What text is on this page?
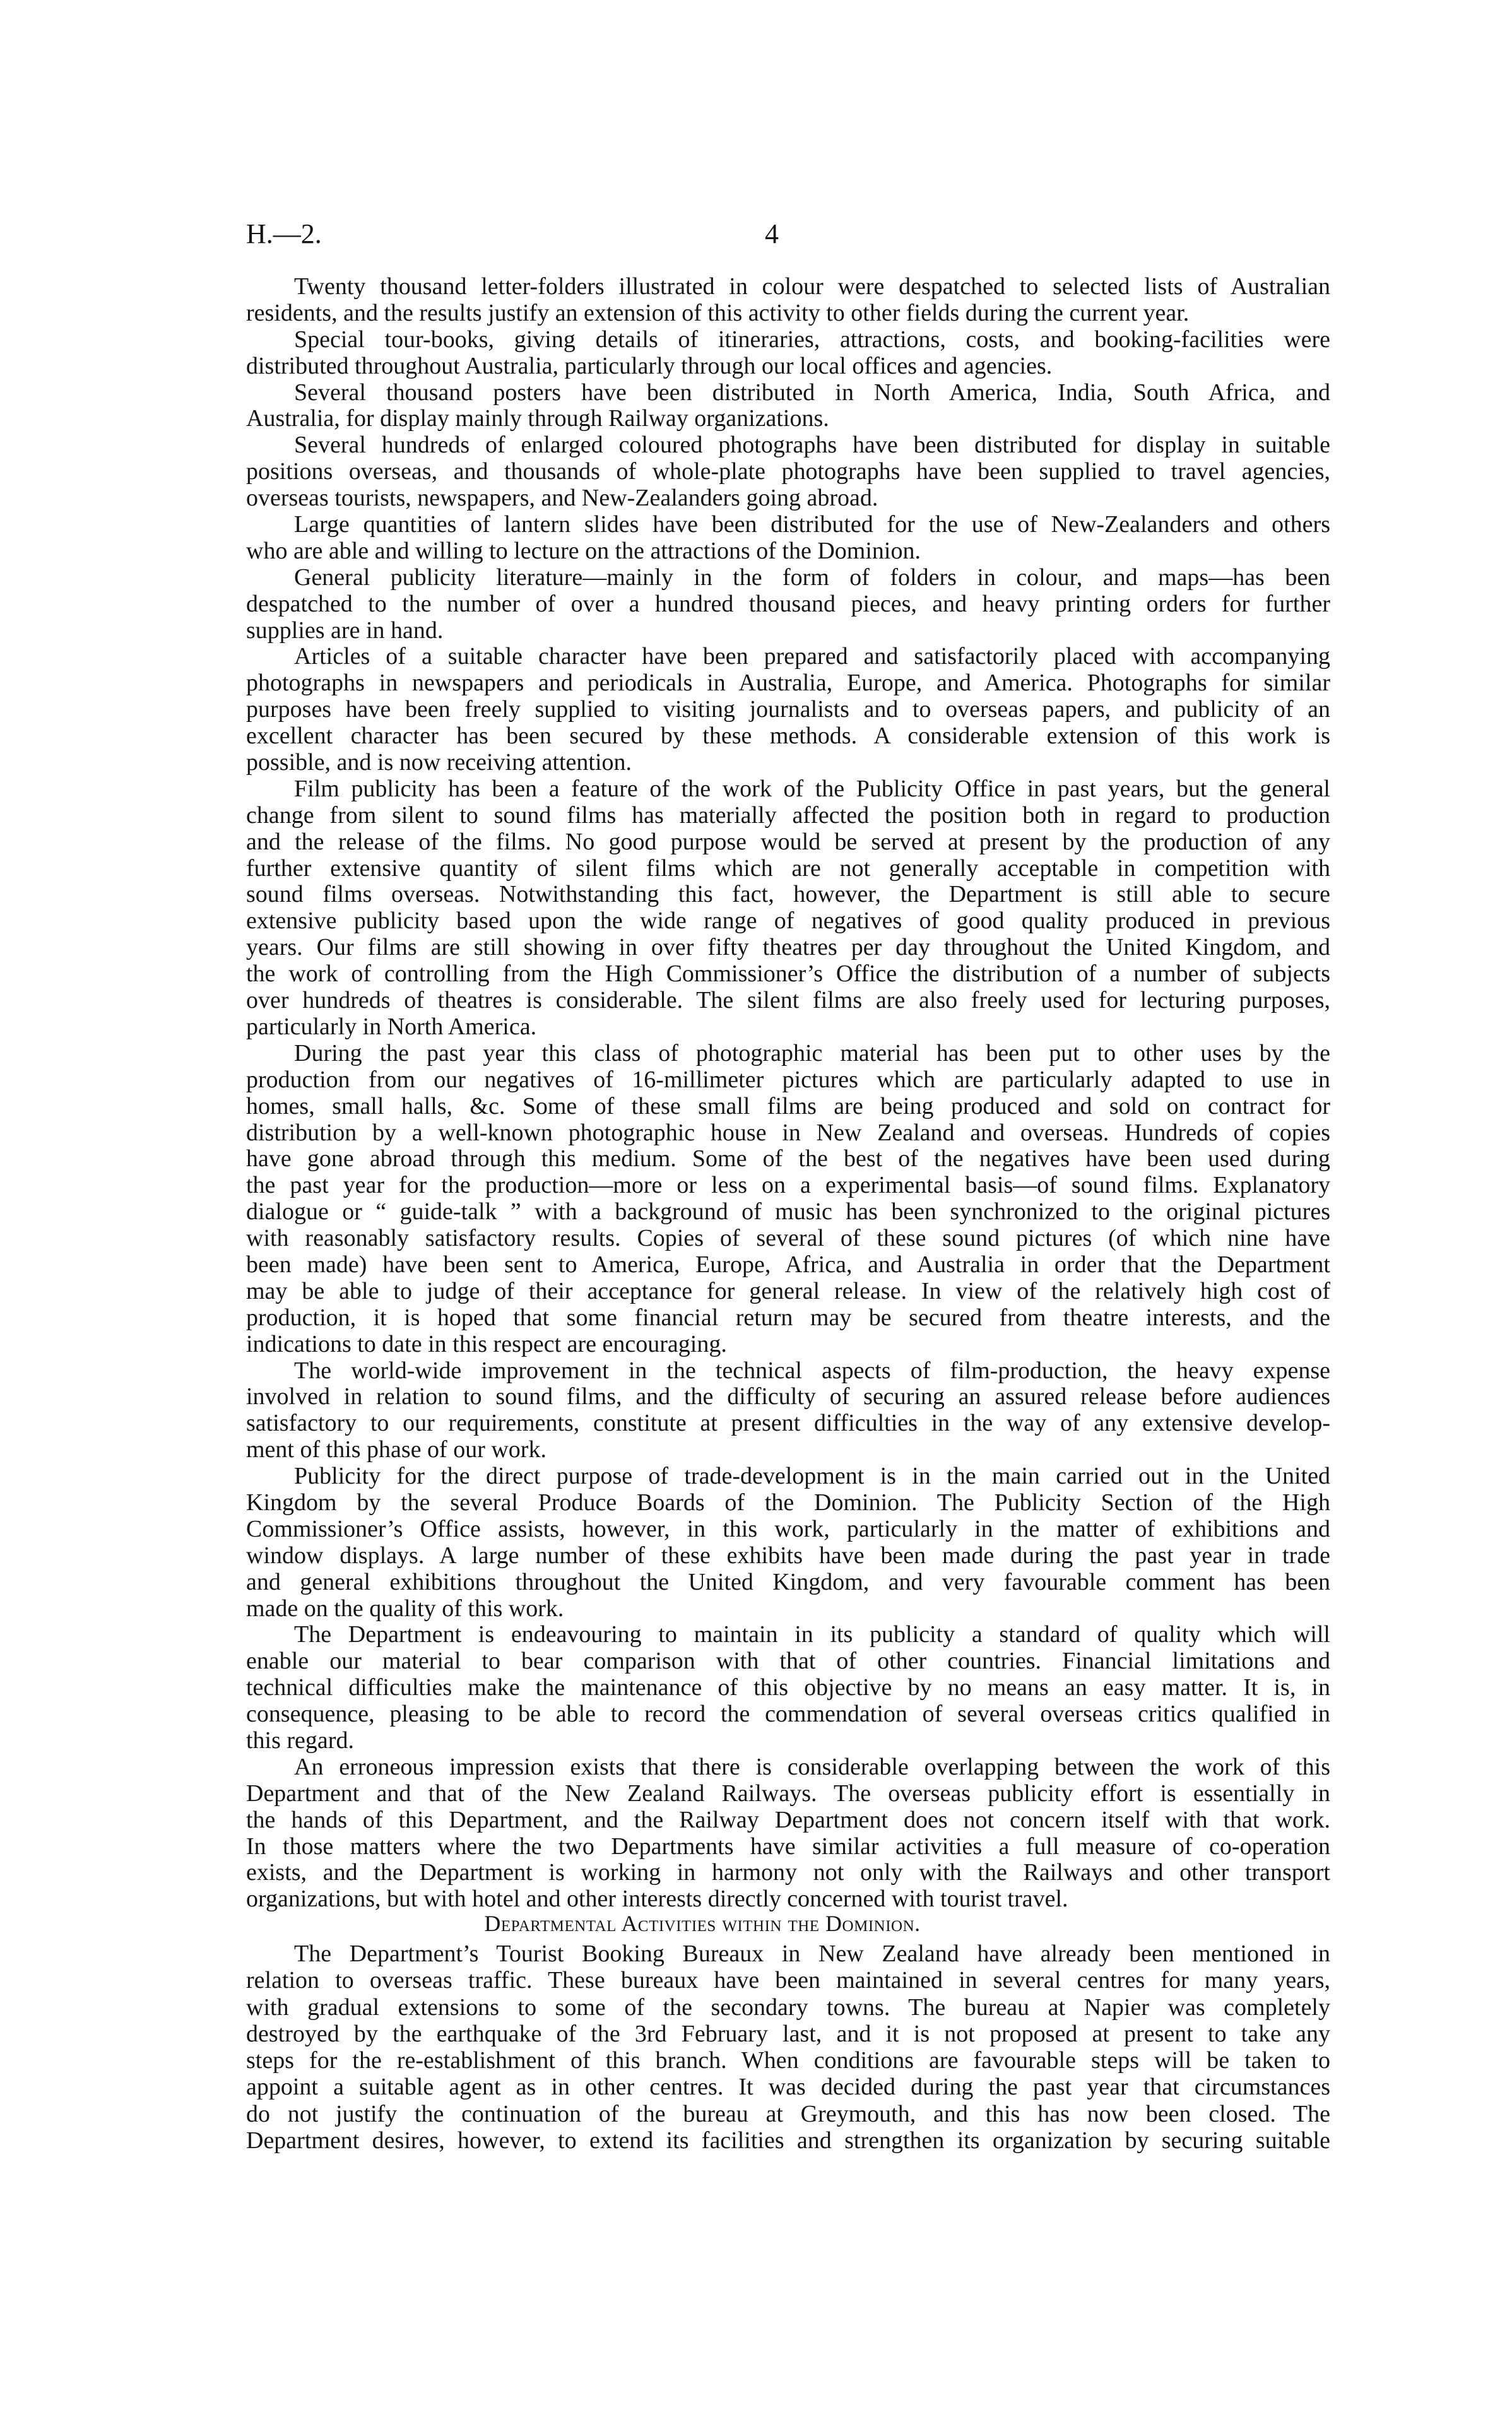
H.—2.	4
Twenty thousand letter-folders illustrated in colour were despatched to selected lists of Australian
residents, and the results justify an extension of this activity to other fields during the current year.
Special tour-books, giving details of itineraries, attractions, costs, and booking-facilities were
distributed throughout Australia, particularly through our local offices and agencies.
Several thousand posters have been distributed in North America, India, South Africa, and
Australia, for display mainly through Railway organizations.
Several hundreds of enlarged coloured photographs have been distributed for display in suitable
positions overseas, and thousands of whole-plate photographs have been supplied to travel agencies,
overseas tourists, newspapers, and New-Zealanders going abroad.
Large quantities of lantern slides have been distributed for the use of New-Zealanders and others
who are able and willing to lecture on the attractions of the Dominion.
General publicity literature—mainly in the form of folders in colour, and maps—has been
despatched to the number of over a hundred thousand pieces, and heavy printing orders for further
supplies are in hand.
Articles of a suitable character have been prepared and satisfactorily placed with accompanying
photographs in newspapers and periodicals in Australia, Europe, and America. Photographs for similar
purposes have been freely supplied to visiting journalists and to overseas papers, and publicity of an
excellent character has been secured by these methods. A considerable extension of this work is
possible, and is now receiving attention.
Film publicity has been a feature of the work of the Publicity Office in past years, but the general
change from silent to sound films has materially affected the position both in regard to production
and the release of the films. No good purpose would be served at present by the production of any
further extensive quantity of silent films which are not generally acceptable in competition with
sound films overseas. Notwithstanding this fact, however, the Department is still able to secure
extensive publicity based upon the wide range of negatives of good quality produced in previous
years. Our films are still showing in over fifty theatres per day throughout the United Kingdom, and
the work of controlling from the High Commissioner’s Office the distribution of a number of subjects
over hundreds of theatres is considerable. The silent films are also freely used for lecturing purposes,
particularly in North America.
During the past year this class of photographic material has been put to other uses by the
production from our negatives of 16-millimeter pictures which are particularly adapted to use in
homes, small halls, &c. Some of these small films are being produced and sold on contract for
distribution by a well-known photographic house in New Zealand and overseas. Hundreds of copies
have gone abroad through this medium. Some of the best of the negatives have been used during
the past year for the production—more or less on a experimental basis—of sound films. Explanatory
dialogue or “ guide-talk ” with a background of music has been synchronized to the original pictures
with reasonably satisfactory results. Copies of several of these sound pictures (of which nine have
been made) have been sent to America, Europe, Africa, and Australia in order that the Department
may be able to judge of their acceptance for general release. In view of the relatively high cost of
production, it is hoped that some financial return may be secured from theatre interests, and the
indications to date in this respect are encouraging.
The world-wide improvement in the technical aspects of film-production, the heavy expense
involved in relation to sound films, and the difficulty of securing an assured release before audiences
satisfactory to our requirements, constitute at present difficulties in the way of any extensive develop-
ment of this phase of our work.
Publicity for the direct purpose of trade-development is in the main carried out in the United
Kingdom by the several Produce Boards of the Dominion. The Publicity Section of the High
Commissioner’s Office assists, however, in this work, particularly in the matter of exhibitions and
window displays. A large number of these exhibits have been made during the past year in trade
and general exhibitions throughout the United Kingdom, and very favourable comment has been
made on the quality of this work.
The Department is endeavouring to maintain in its publicity a standard of quality which will
enable our material to bear comparison with that of other countries. Financial limitations and
technical difficulties make the maintenance of this objective by no means an easy matter. It is, in
consequence, pleasing to be able to record the commendation of several overseas critics qualified in
this regard.
An erroneous impression exists that there is considerable overlapping between the work of this
Department and that of the New Zealand Railways. The overseas publicity effort is essentially in
the hands of this Department, and the Railway Department does not concern itself with that work.
In those matters where the two Departments have similar activities a full measure of co-operation
exists, and the Department is working in harmony not only with the Railways and other transport
organizations, but with hotel and other interests directly concerned with tourist travel.
Departmental Activities within the Dominion.
The Department’s Tourist Booking Bureaux in New Zealand have already been mentioned in
relation to overseas traffic. These bureaux have been maintained in several centres for many years,
with gradual extensions to some of the secondary towns. The bureau at Napier was completely
destroyed by the earthquake of the 3rd February last, and it is not proposed at present to take any
steps for the re-establishment of this branch. When conditions are favourable steps will be taken to
appoint a suitable agent as in other centres. It was decided during the past year that circumstances
do not justify the continuation of the bureau at Greymouth, and this has now been closed. The
Department desires, however, to extend its facilities and strengthen its organization by securing suitable
